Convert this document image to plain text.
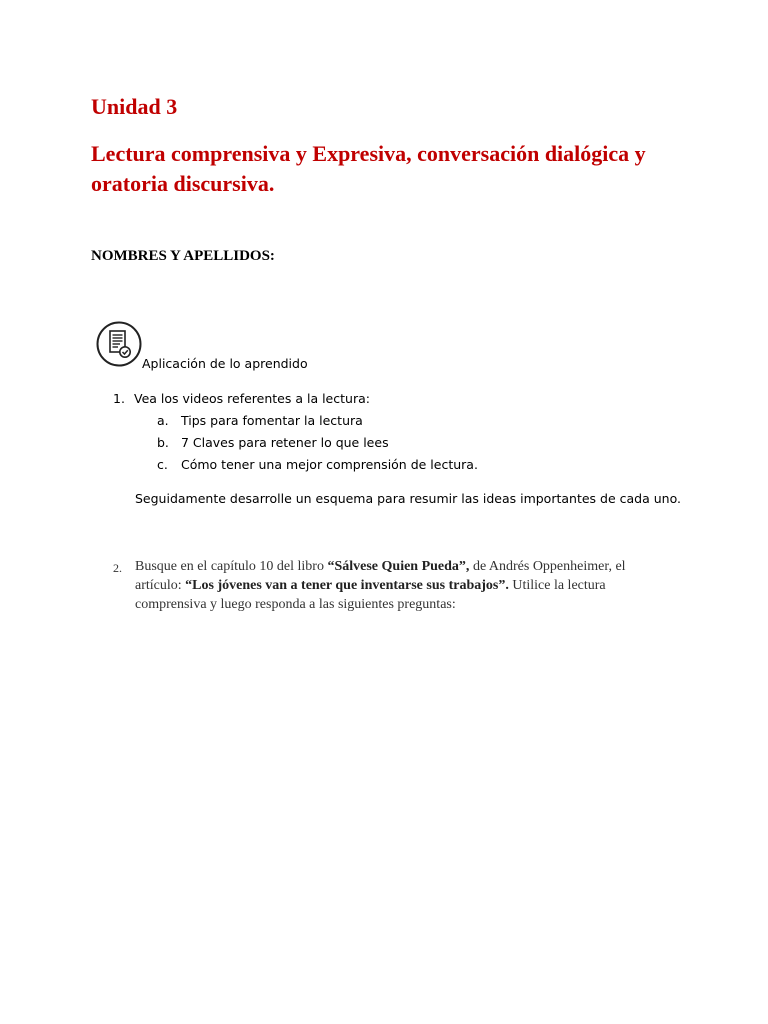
Unidad 3
Lectura comprensiva y Expresiva, conversación dialógica y oratoria discursiva.
NOMBRES Y APELLIDOS:
Aplicación de lo aprendido
1. Vea los videos referentes a la lectura:
a. Tips para fomentar la lectura
b. 7 Claves para retener lo que lees
c. Cómo tener una mejor comprensión de lectura.
Seguidamente desarrolle un esquema para resumir las ideas importantes de cada uno.
2. Busque en el capítulo 10 del libro “Sálvese Quien Pueda”, de Andrés Oppenheimer, el artículo: “Los jóvenes van a tener que inventarse sus trabajos”. Utilice la lectura comprensiva y luego responda a las siguientes preguntas:
